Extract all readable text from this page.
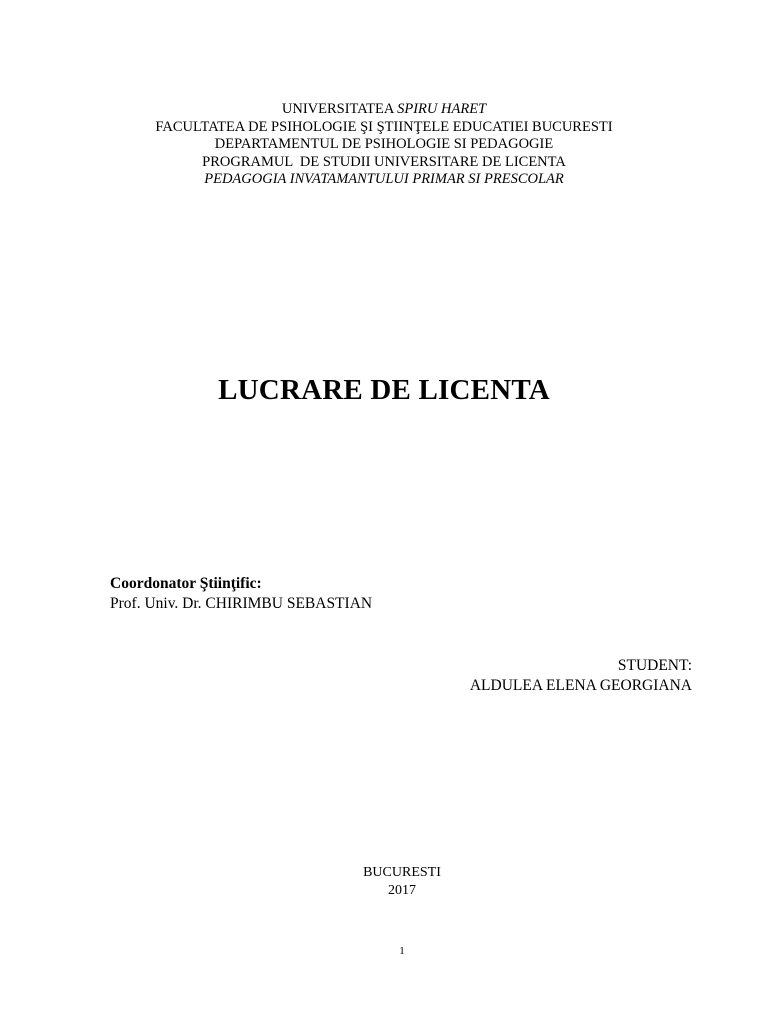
UNIVERSITATEA SPIRU HARET
FACULTATEA DE PSIHOLOGIE ŞI ŞTIINŢELE EDUCATIEI BUCURESTI
DEPARTAMENTUL DE PSIHOLOGIE SI PEDAGOGIE
PROGRAMUL  DE STUDII UNIVERSITARE DE LICENTA
PEDAGOGIA INVATAMANTULUI PRIMAR SI PRESCOLAR
LUCRARE DE LICENTA
Coordonator Ştiinţific:
Prof. Univ. Dr. CHIRIMBU SEBASTIAN
STUDENT:
ALDULEA ELENA GEORGIANA
BUCURESTI
2017
1
